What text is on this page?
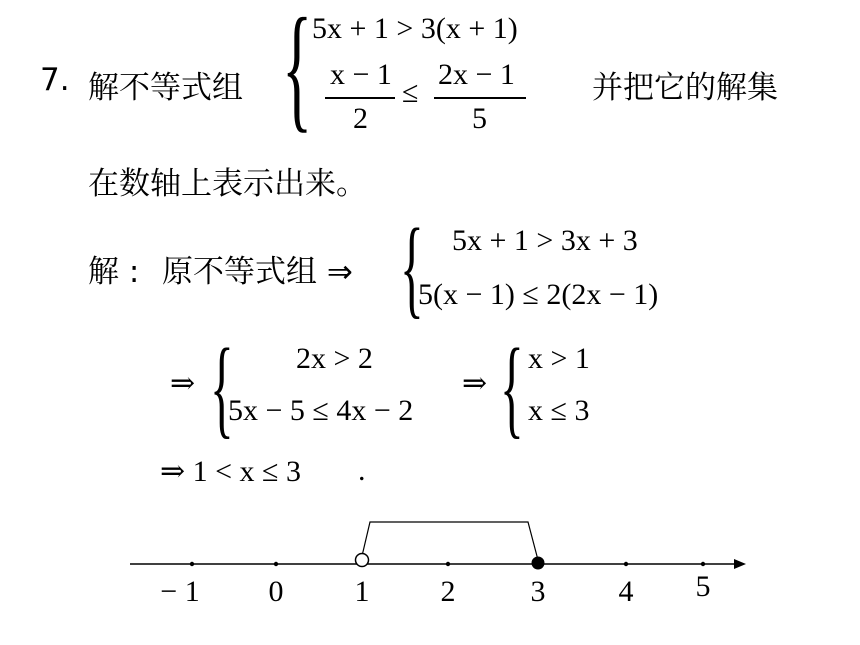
7. 解不等式组 { 5x + 1 > 3(x + 1)
x − 1
2
≤
2x − 1
5
并把它的解集
在数轴上表示出来。
解 : 原不等式组 ⇒ { 5x + 1 > 3x + 3
5(x − 1) ≤ 2(2x − 1)
⇒ { 2x > 2
5x − 5 ≤ 4x − 2
⇒ { x > 1
x ≤ 3
⇒ 1 < x ≤ 3 .
− 1 0 1 2	3 4 5
